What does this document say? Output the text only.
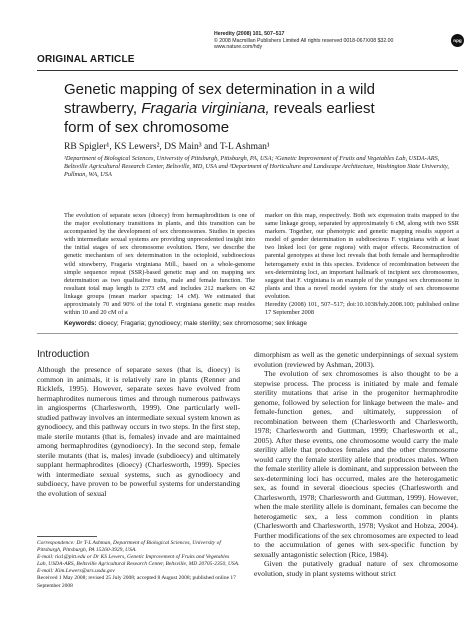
Heredity (2008) 101, 507–517
© 2008 Macmillan Publishers Limited All rights reserved 0018-067X/08 $32.00
www.nature.com/hdy
npg
ORIGINAL ARTICLE
Genetic mapping of sex determination in a wild
strawberry, Fragaria virginiana, reveals earliest
form of sex chromosome
RB Spigler¹, KS Lewers², DS Main³ and T-L Ashman¹
¹Department of Biological Sciences, University of Pittsburgh, Pittsburgh, PA, USA; ²Genetic Improvement of Fruits and Vegetables Lab, USDA-ARS, Beltsville Agricultural Research Center, Beltsville, MD, USA and ³Department of Horticulture and Landscape Architecture, Washington State University, Pullman, WA, USA
The evolution of separate sexes (dioecy) from hermaphroditism is one of the major evolutionary transitions in plants, and this transition can be accompanied by the development of sex chromosomes. Studies in species with intermediate sexual systems are providing unprecedented insight into the initial stages of sex chromosome evolution. Here, we describe the genetic mechanism of sex determination in the octoploid, subdioecious wild strawberry, Fragaria virginiana Mill., based on a whole-genome simple sequence repeat (SSR)-based genetic map and on mapping sex determination as two qualitative traits, male and female function. The resultant total map length is 2373 cM and includes 212 markers on 42 linkage groups (mean marker spacing: 14 cM). We estimated that approximately 70 and 90% of the total F. virginiana genetic map resides within 10 and 20 cM of a
marker on this map, respectively. Both sex expression traits mapped to the same linkage group, separated by approximately 6 cM, along with two SSR markers. Together, our phenotypic and genetic mapping results support a model of gender determination in subdioecious F. virginiana with at least two linked loci (or gene regions) with major effects. Reconstruction of parental genotypes at these loci reveals that both female and hermaphrodite heterogamety exist in this species. Evidence of recombination between the sex-determining loci, an important hallmark of incipient sex chromosomes, suggest that F. virginiana is an example of the youngest sex chromosome in plants and thus a novel model system for the study of sex chromosome evolution.
Heredity (2008) 101, 507–517; doi:10.1038/hdy.2008.100; published online 17 September 2008
Keywords: dioecy; Fragaria; gynodioecy; male sterility; sex chromosome; sex linkage
Introduction
Although the presence of separate sexes (that is, dioecy) is common in animals, it is relatively rare in plants (Renner and Ricklefs, 1995). However, separate sexes have evolved from hermaphrodites numerous times and through numerous pathways in angiosperms (Charlesworth, 1999). One particularly well-studied pathway involves an intermediate sexual system known as gynodioecy, and this pathway occurs in two steps. In the first step, male sterile mutants (that is, females) invade and are maintained among hermaphrodites (gynodioecy). In the second step, female sterile mutants (that is, males) invade (subdioecy) and ultimately supplant hermaphrodites (dioecy) (Charlesworth, 1999). Species with intermediate sexual systems, such as gynodioecy and subdioecy, have proven to be powerful systems for understanding the evolution of sexual
dimorphism as well as the genetic underpinnings of sexual system evolution (reviewed by Ashman, 2003).
The evolution of sex chromosomes is also thought to be a stepwise process. The process is initiated by male and female sterility mutations that arise in the progenitor hermaphrodite genome, followed by selection for linkage between the male- and female-function genes, and ultimately, suppression of recombination between them (Charlesworth and Charlesworth, 1978; Charlesworth and Guttman, 1999; Charlesworth et al., 2005). After these events, one chromosome would carry the male sterility allele that produces females and the other chromosome would carry the female sterility allele that produces males. When the female sterility allele is dominant, and suppression between the sex-determining loci has occurred, males are the heterogametic sex, as found in several dioecious species (Charlesworth and Charlesworth, 1978; Charlesworth and Guttman, 1999). However, when the male sterility allele is dominant, females can become the heterogametic sex, a less common condition in plants (Charlesworth and Charlesworth, 1978; Vyskot and Hobza, 2004). Further modifications of the sex chromosomes are expected to lead to the accumulation of genes with sex-specific function by sexually antagonistic selection (Rice, 1984).
Given the putatively gradual nature of sex chromosome evolution, study in plant systems without strict
Correspondence: Dr T-L Ashman, Department of Biological Sciences, University of Pittsburgh, Pittsburgh, PA 15260-3929, USA.
E-mail: tia1@pitt.edu or Dr KS Lewers, Genetic Improvement of Fruits and Vegetables Lab, USDA-ARS, Beltsville Agricultural Research Center, Beltsville, MD 20705-2350, USA.
E-mail: Kim.Lewers@ars.usda.gov
Received 1 May 2008; revised 25 July 2008; accepted 8 August 2008; published online 17 September 2008
